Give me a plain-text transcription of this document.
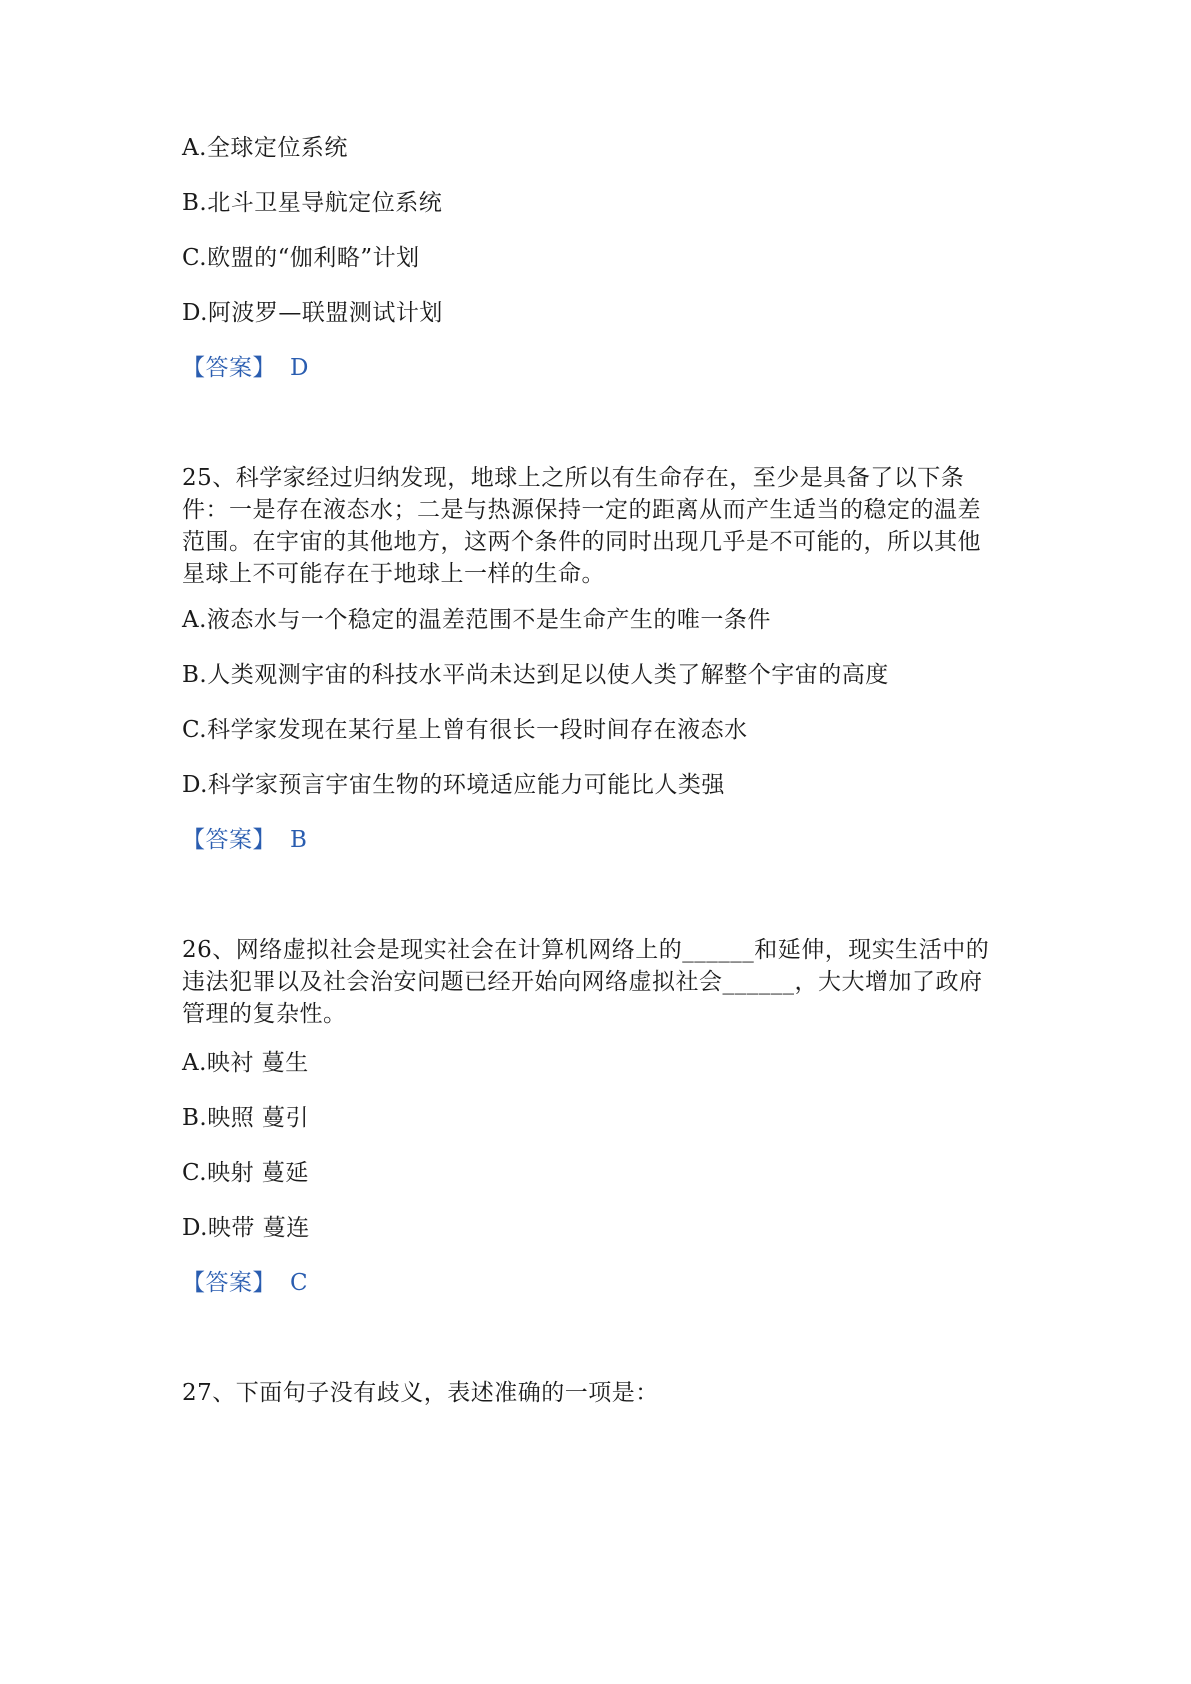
A.全球定位系统
B.北斗卫星导航定位系统
C.欧盟的“伽利略”计划
D.阿波罗—联盟测试计划
【答案】 D
25、科学家经过归纳发现，地球上之所以有生命存在，至少是具备了以下条
件：一是存在液态水；二是与热源保持一定的距离从而产生适当的稳定的温差
范围。在宇宙的其他地方，这两个条件的同时出现几乎是不可能的，所以其他
星球上不可能存在于地球上一样的生命。
A.液态水与一个稳定的温差范围不是生命产生的唯一条件
B.人类观测宇宙的科技水平尚未达到足以使人类了解整个宇宙的高度
C.科学家发现在某行星上曾有很长一段时间存在液态水
D.科学家预言宇宙生物的环境适应能力可能比人类强
【答案】 B
26、网络虚拟社会是现实社会在计算机网络上的______和延伸，现实生活中的
违法犯罪以及社会治安问题已经开始向网络虚拟社会______，大大增加了政府
管理的复杂性。
A.映衬 蔓生
B.映照 蔓引
C.映射 蔓延
D.映带 蔓连
【答案】 C
27、下面句子没有歧义，表述准确的一项是：
